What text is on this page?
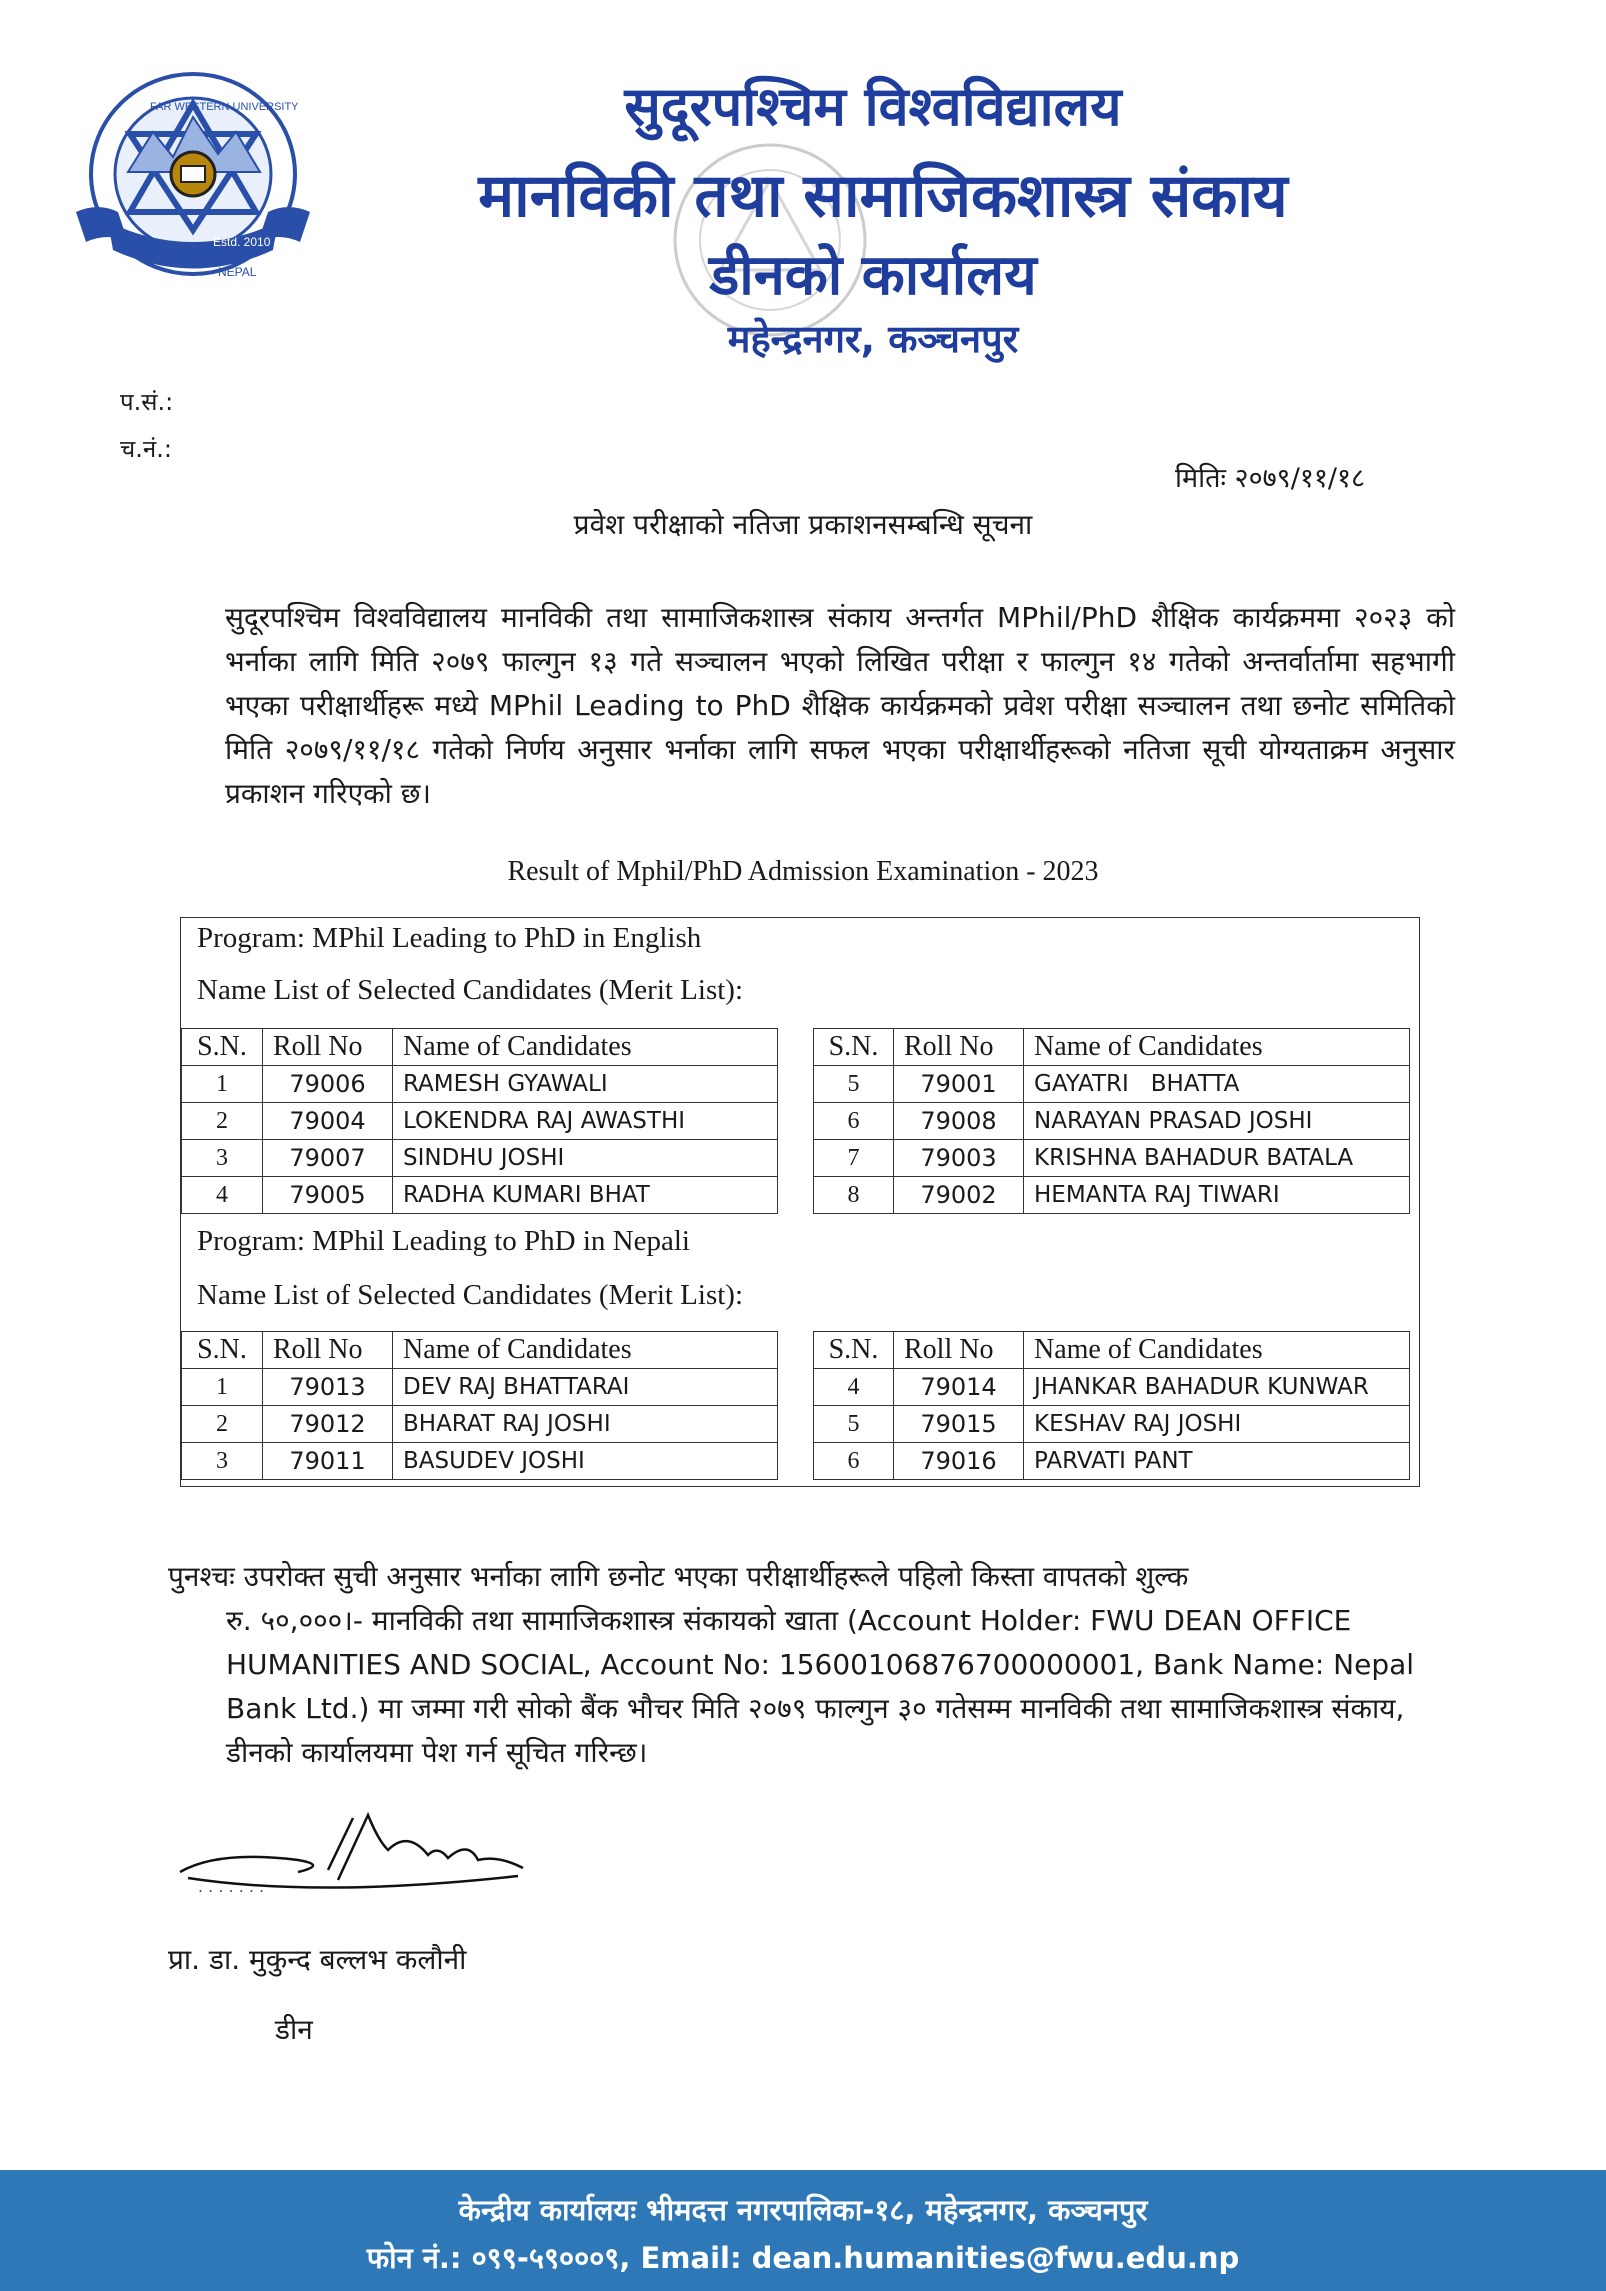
Estd. 2010
NEPAL
FAR WESTERN UNIVERSITY	सुदूरपश्चिम विश्वविद्यालय
मानविकी तथा सामाजिकशास्त्र संकाय
डीनको कार्यालय
महेन्द्रनगर, कञ्चनपुर
प.सं.:
च.नं.:
मितिः २०७९/११/१८
प्रवेश परीक्षाको नतिजा प्रकाशनसम्बन्धि सूचना
सुदूरपश्चिम विश्वविद्यालय मानविकी तथा सामाजिकशास्त्र संकाय अन्तर्गत MPhil/PhD शैक्षिक कार्यक्रममा २०२३ को भर्नाका लागि मिति २०७९ फाल्गुन १३ गते सञ्चालन भएको लिखित परीक्षा र फाल्गुन १४ गतेको अन्तर्वार्तामा सहभागी भएका परीक्षार्थीहरू मध्ये MPhil Leading to PhD शैक्षिक कार्यक्रमको प्रवेश परीक्षा सञ्चालन तथा छनोट समितिको मिति २०७९/११/१८ गतेको निर्णय अनुसार भर्नाका लागि सफल भएका परीक्षार्थीहरूको नतिजा सूची योग्यताक्रम अनुसार प्रकाशन गरिएको छ।
Result of Mphil/PhD Admission Examination - 2023
Program: MPhil Leading to PhD in English
Name List of Selected Candidates (Merit List):
S.N.	Roll No	Name of Candidates
1	79006	RAMESH GYAWALI
2	79004	LOKENDRA RAJ AWASTHI
3	79007	SINDHU JOSHI
4	79005	RADHA KUMARI BHAT
S.N.	Roll No	Name of Candidates
5	79001	GAYATRI   BHATTA
6	79008	NARAYAN PRASAD JOSHI
7	79003	KRISHNA BAHADUR BATALA
8	79002	HEMANTA RAJ TIWARI
Program: MPhil Leading to PhD in Nepali
Name List of Selected Candidates (Merit List):
S.N.	Roll No	Name of Candidates
1	79013	DEV RAJ BHATTARAI
2	79012	BHARAT RAJ JOSHI
3	79011	BASUDEV JOSHI
S.N.	Roll No	Name of Candidates
4	79014	JHANKAR BAHADUR KUNWAR
5	79015	KESHAV RAJ JOSHI
6	79016	PARVATI PANT
पुनश्चः उपरोक्त सुची अनुसार भर्नाका लागि छनोट भएका परीक्षार्थीहरूले पहिलो किस्ता वापतको शुल्क
रु. ५०,०००।- मानविकी तथा सामाजिकशास्त्र संकायको खाता (Account Holder: FWU DEAN OFFICE HUMANITIES AND SOCIAL, Account No: 15600106876700000001, Bank Name: Nepal Bank Ltd.) मा जम्मा गरी सोको बैंक भौचर मिति २०७९ फाल्गुन ३० गतेसम्म मानविकी तथा सामाजिकशास्त्र संकाय, डीनको कार्यालयमा पेश गर्न सूचित गरिन्छ।
. . . . . . .
प्रा. डा. मुकुन्द बल्लभ कलौनी
डीन
केन्द्रीय कार्यालयः भीमदत्त नगरपालिका-१८, महेन्द्रनगर, कञ्चनपुर
फोन नं.: ०९९-५९०००९, Email: dean.humanities@fwu.edu.np
